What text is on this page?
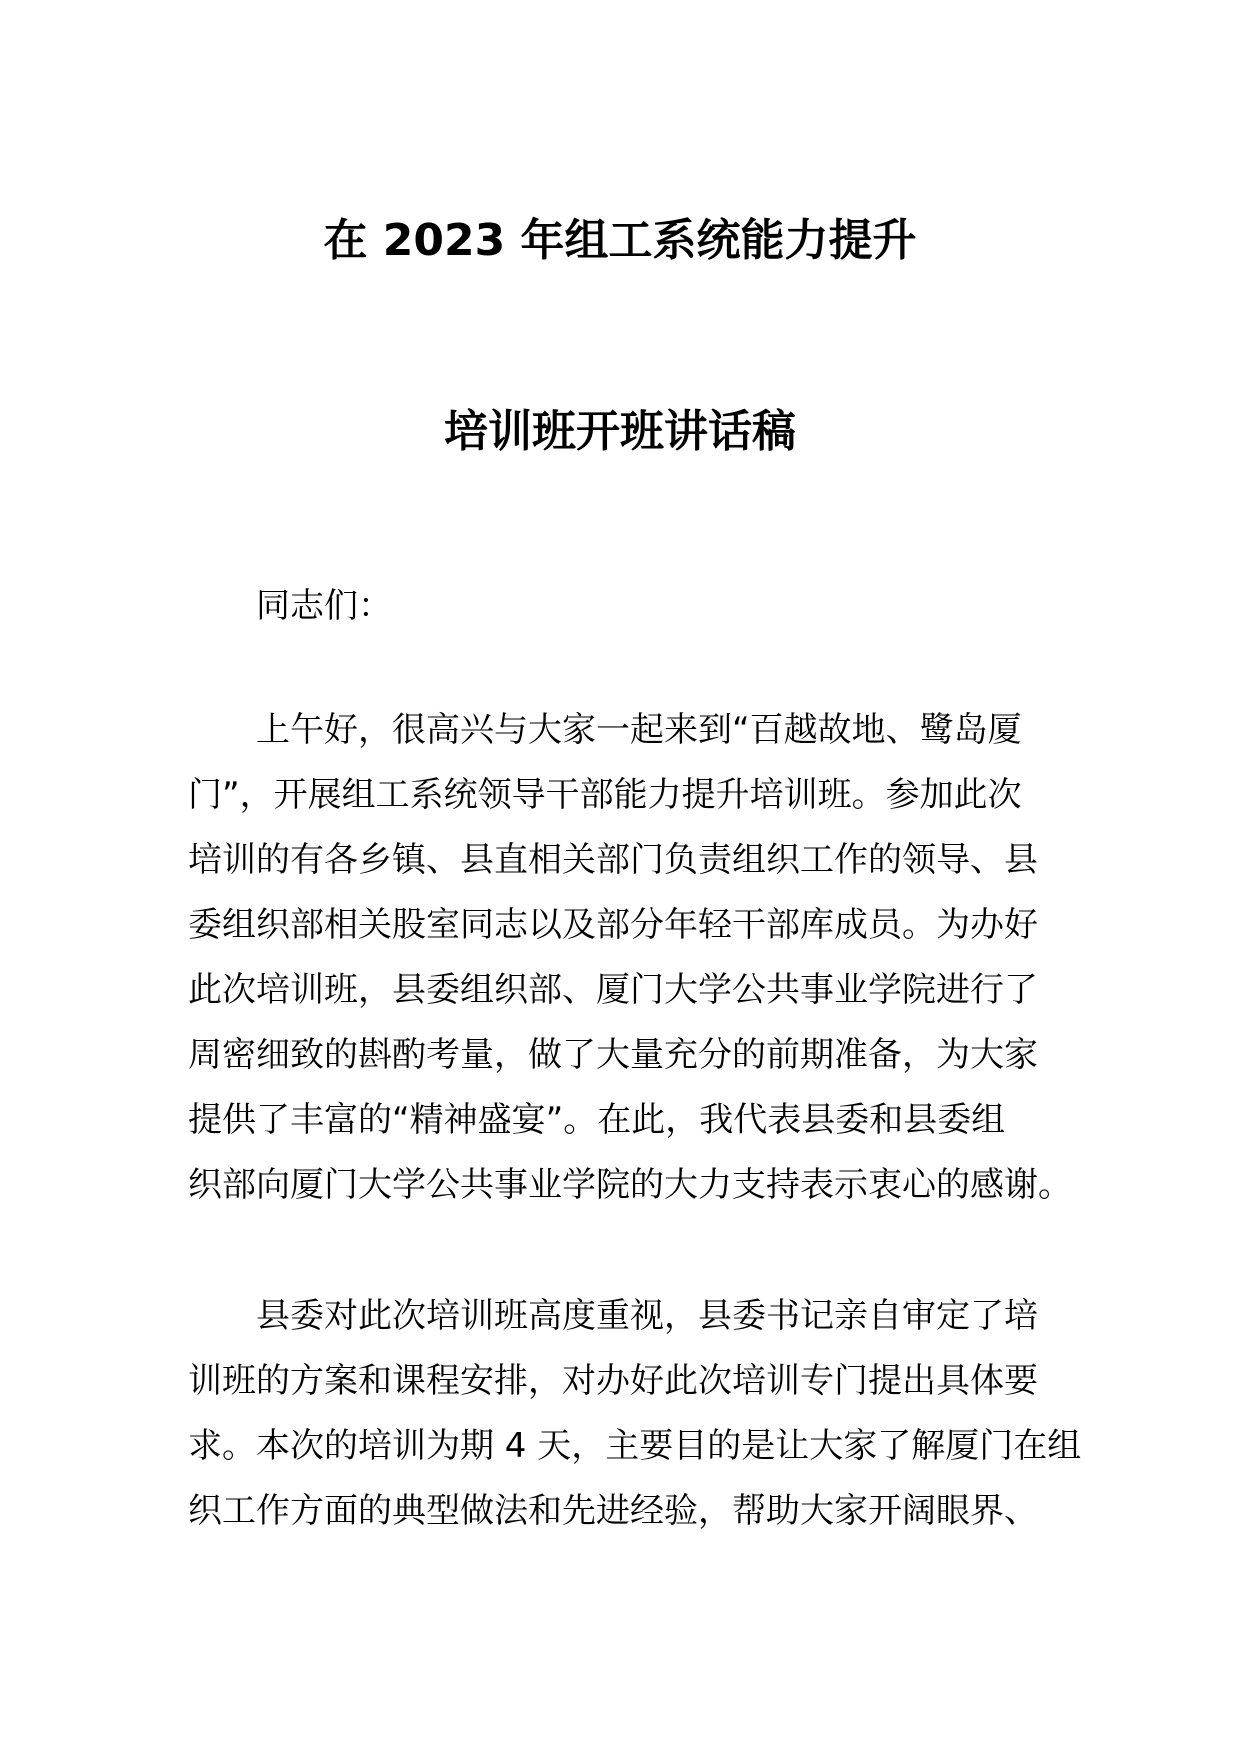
在 2023 年组工系统能力提升
培训班开班讲话稿
同志们：
上午好，很高兴与大家一起来到“百越故地、鹭岛厦
门”，开展组工系统领导干部能力提升培训班。参加此次
培训的有各乡镇、县直相关部门负责组织工作的领导、县
委组织部相关股室同志以及部分年轻干部库成员。为办好
此次培训班，县委组织部、厦门大学公共事业学院进行了
周密细致的斟酌考量，做了大量充分的前期准备，为大家
提供了丰富的“精神盛宴”。在此，我代表县委和县委组
织部向厦门大学公共事业学院的大力支持表示衷心的感谢。
县委对此次培训班高度重视，县委书记亲自审定了培
训班的方案和课程安排，对办好此次培训专门提出具体要
求。本次的培训为期 4 天，主要目的是让大家了解厦门在组
织工作方面的典型做法和先进经验，帮助大家开阔眼界、
